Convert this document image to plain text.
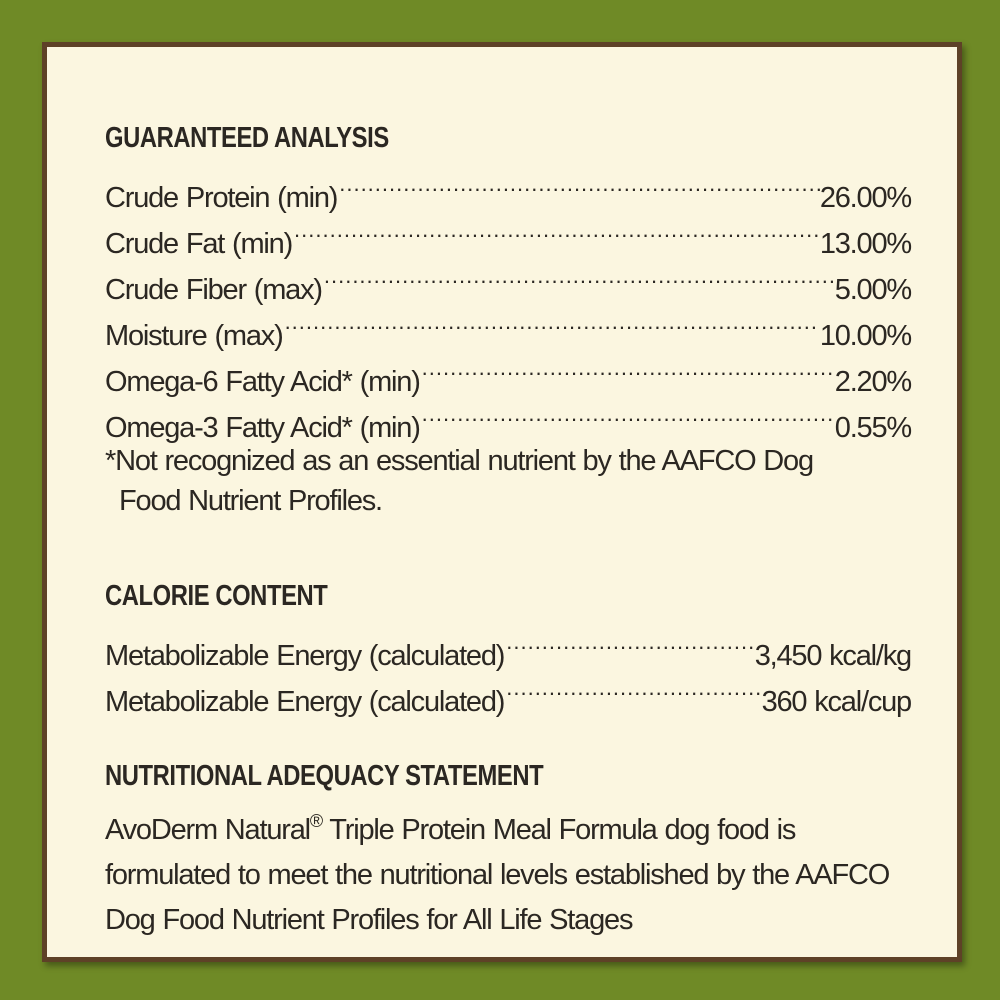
GUARANTEED ANALYSIS
Crude Protein (min) .....	26.00%
Crude Fat (min) .....	13.00%
Crude Fiber (max) .....	5.00%
Moisture (max) .....	10.00%
Omega-6 Fatty Acid* (min) .....	2.20%
Omega-3 Fatty Acid* (min) .....	0.55%
*Not recognized as an essential nutrient by the AAFCO Dog
Food Nutrient Profiles.
CALORIE CONTENT
Metabolizable Energy (calculated) .....	3,450 kcal/kg
Metabolizable Energy (calculated) .....	360 kcal/cup
NUTRITIONAL ADEQUACY STATEMENT
AvoDerm Natural® Triple Protein Meal Formula dog food is
formulated to meet the nutritional levels established by the AAFCO
Dog Food Nutrient Profiles for All Life Stages
